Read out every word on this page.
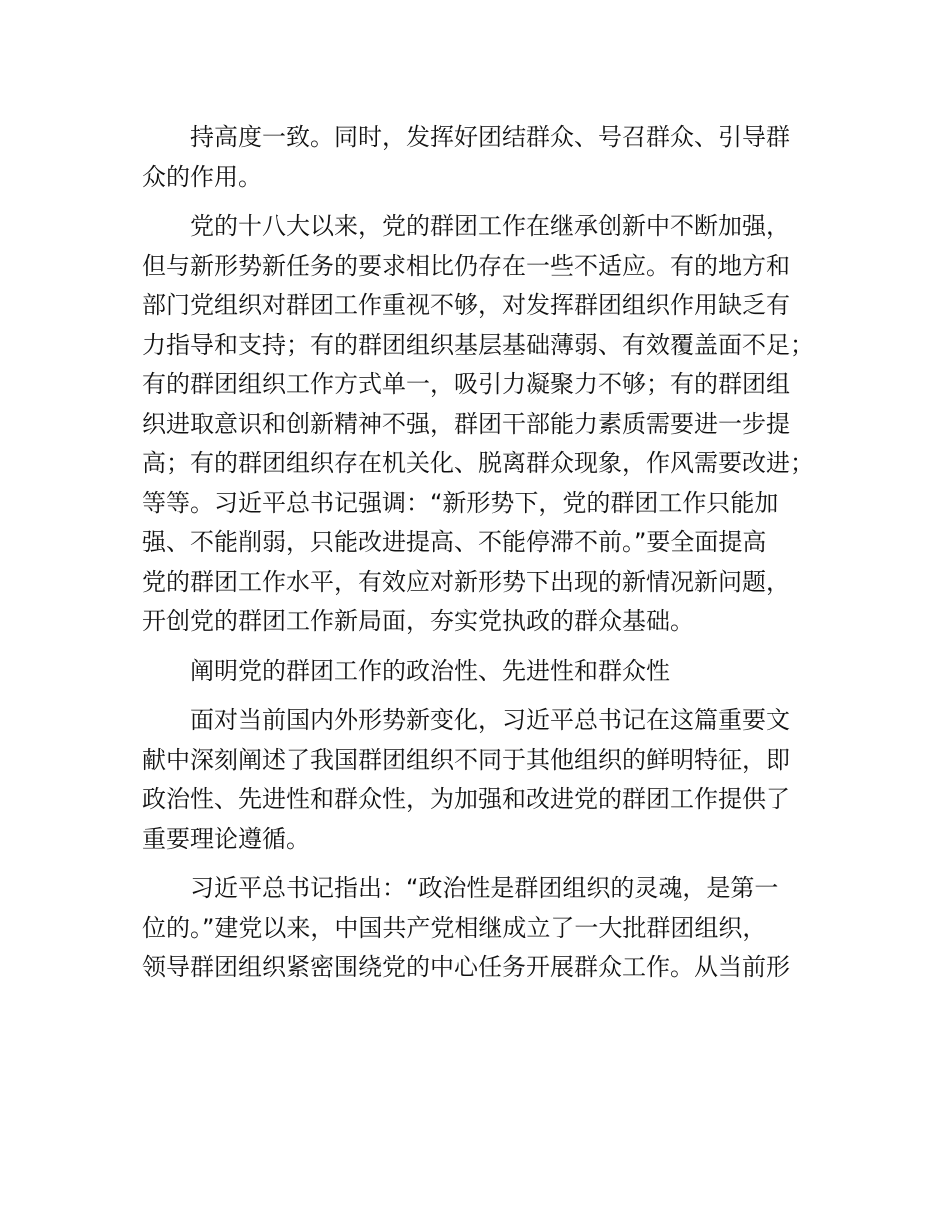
持高度一致。同时，发挥好团结群众、号召群众、引导群
众的作用。
党的十八大以来，党的群团工作在继承创新中不断加强，
但与新形势新任务的要求相比仍存在一些不适应。有的地方和
部门党组织对群团工作重视不够，对发挥群团组织作用缺乏有
力指导和支持；有的群团组织基层基础薄弱、有效覆盖面不足；
有的群团组织工作方式单一，吸引力凝聚力不够；有的群团组
织进取意识和创新精神不强，群团干部能力素质需要进一步提
高；有的群团组织存在机关化、脱离群众现象，作风需要改进；
等等。习近平总书记强调：“新形势下，党的群团工作只能加
强、不能削弱，只能改进提高、不能停滞不前。”要全面提高
党的群团工作水平，有效应对新形势下出现的新情况新问题，
开创党的群团工作新局面，夯实党执政的群众基础。
阐明党的群团工作的政治性、先进性和群众性
面对当前国内外形势新变化，习近平总书记在这篇重要文
献中深刻阐述了我国群团组织不同于其他组织的鲜明特征，即
政治性、先进性和群众性，为加强和改进党的群团工作提供了
重要理论遵循。
习近平总书记指出：“政治性是群团组织的灵魂，是第一
位的。”建党以来，中国共产党相继成立了一大批群团组织，
领导群团组织紧密围绕党的中心任务开展群众工作。从当前形
